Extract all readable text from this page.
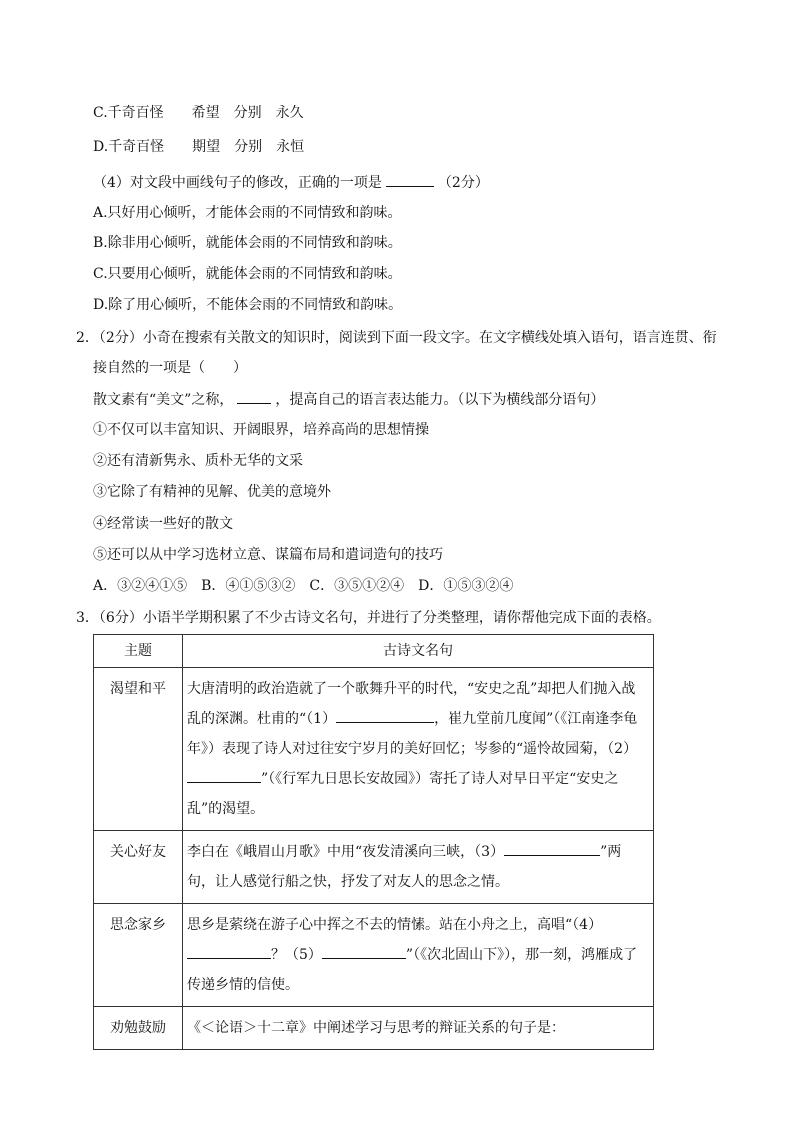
C.千奇百怪　　希望　分别　永久
D.千奇百怪　　期望　分别　永恒
（4）对文段中画线句子的修改，正确的一项是	（2分）
A.只好用心倾听，才能体会雨的不同情致和韵味。
B.除非用心倾听，就能体会雨的不同情致和韵味。
C.只要用心倾听，就能体会雨的不同情致和韵味。
D.除了用心倾听，不能体会雨的不同情致和韵味。
2．（2分）小奇在搜索有关散文的知识时，阅读到下面一段文字。在文字横线处填入语句，语言连贯、衔
接自然的一项是（　　）
散文素有“美文”之称，	，提高自己的语言表达能力。（以下为横线部分语句）
①不仅可以丰富知识、开阔眼界，培养高尚的思想情操
②还有清新隽永、质朴无华的文采
③它除了有精神的见解、优美的意境外
④经常读一些好的散文
⑤还可以从中学习选材立意、谋篇布局和遣词造句的技巧
A．③②④①⑤　B．④①⑤③②　C．③⑤①②④　D．①⑤③②④
3．（6分）小语半学期积累了不少古诗文名句，并进行了分类整理，请你帮他完成下面的表格。
主题	古诗文名句
渴望和平	大唐清明的政治造就了一个歌舞升平的时代，“安史之乱”却把人们抛入战乱的深渊。杜甫的“（1） ，崔九堂前几度闻”（《江南逢李龟年》）表现了诗人对过往安宁岁月的美好回忆；岑参的“遥怜故园菊，（2）”（《行军九日思长安故园》）寄托了诗人对早日平定“安史之乱”的渴望。
关心好友	李白在《峨眉山月歌》中用“夜发清溪向三峡，（3） ”两句，让人感觉行船之快，抒发了对友人的思念之情。
思念家乡	思乡是萦绕在游子心中挥之不去的情愫。站在小舟之上，高唱“（4）？（5） ”（《次北固山下》），那一刻，鸿雁成了传递乡情的信使。
劝勉鼓励	《＜论语＞十二章》中阐述学习与思考的辩证关系的句子是：
